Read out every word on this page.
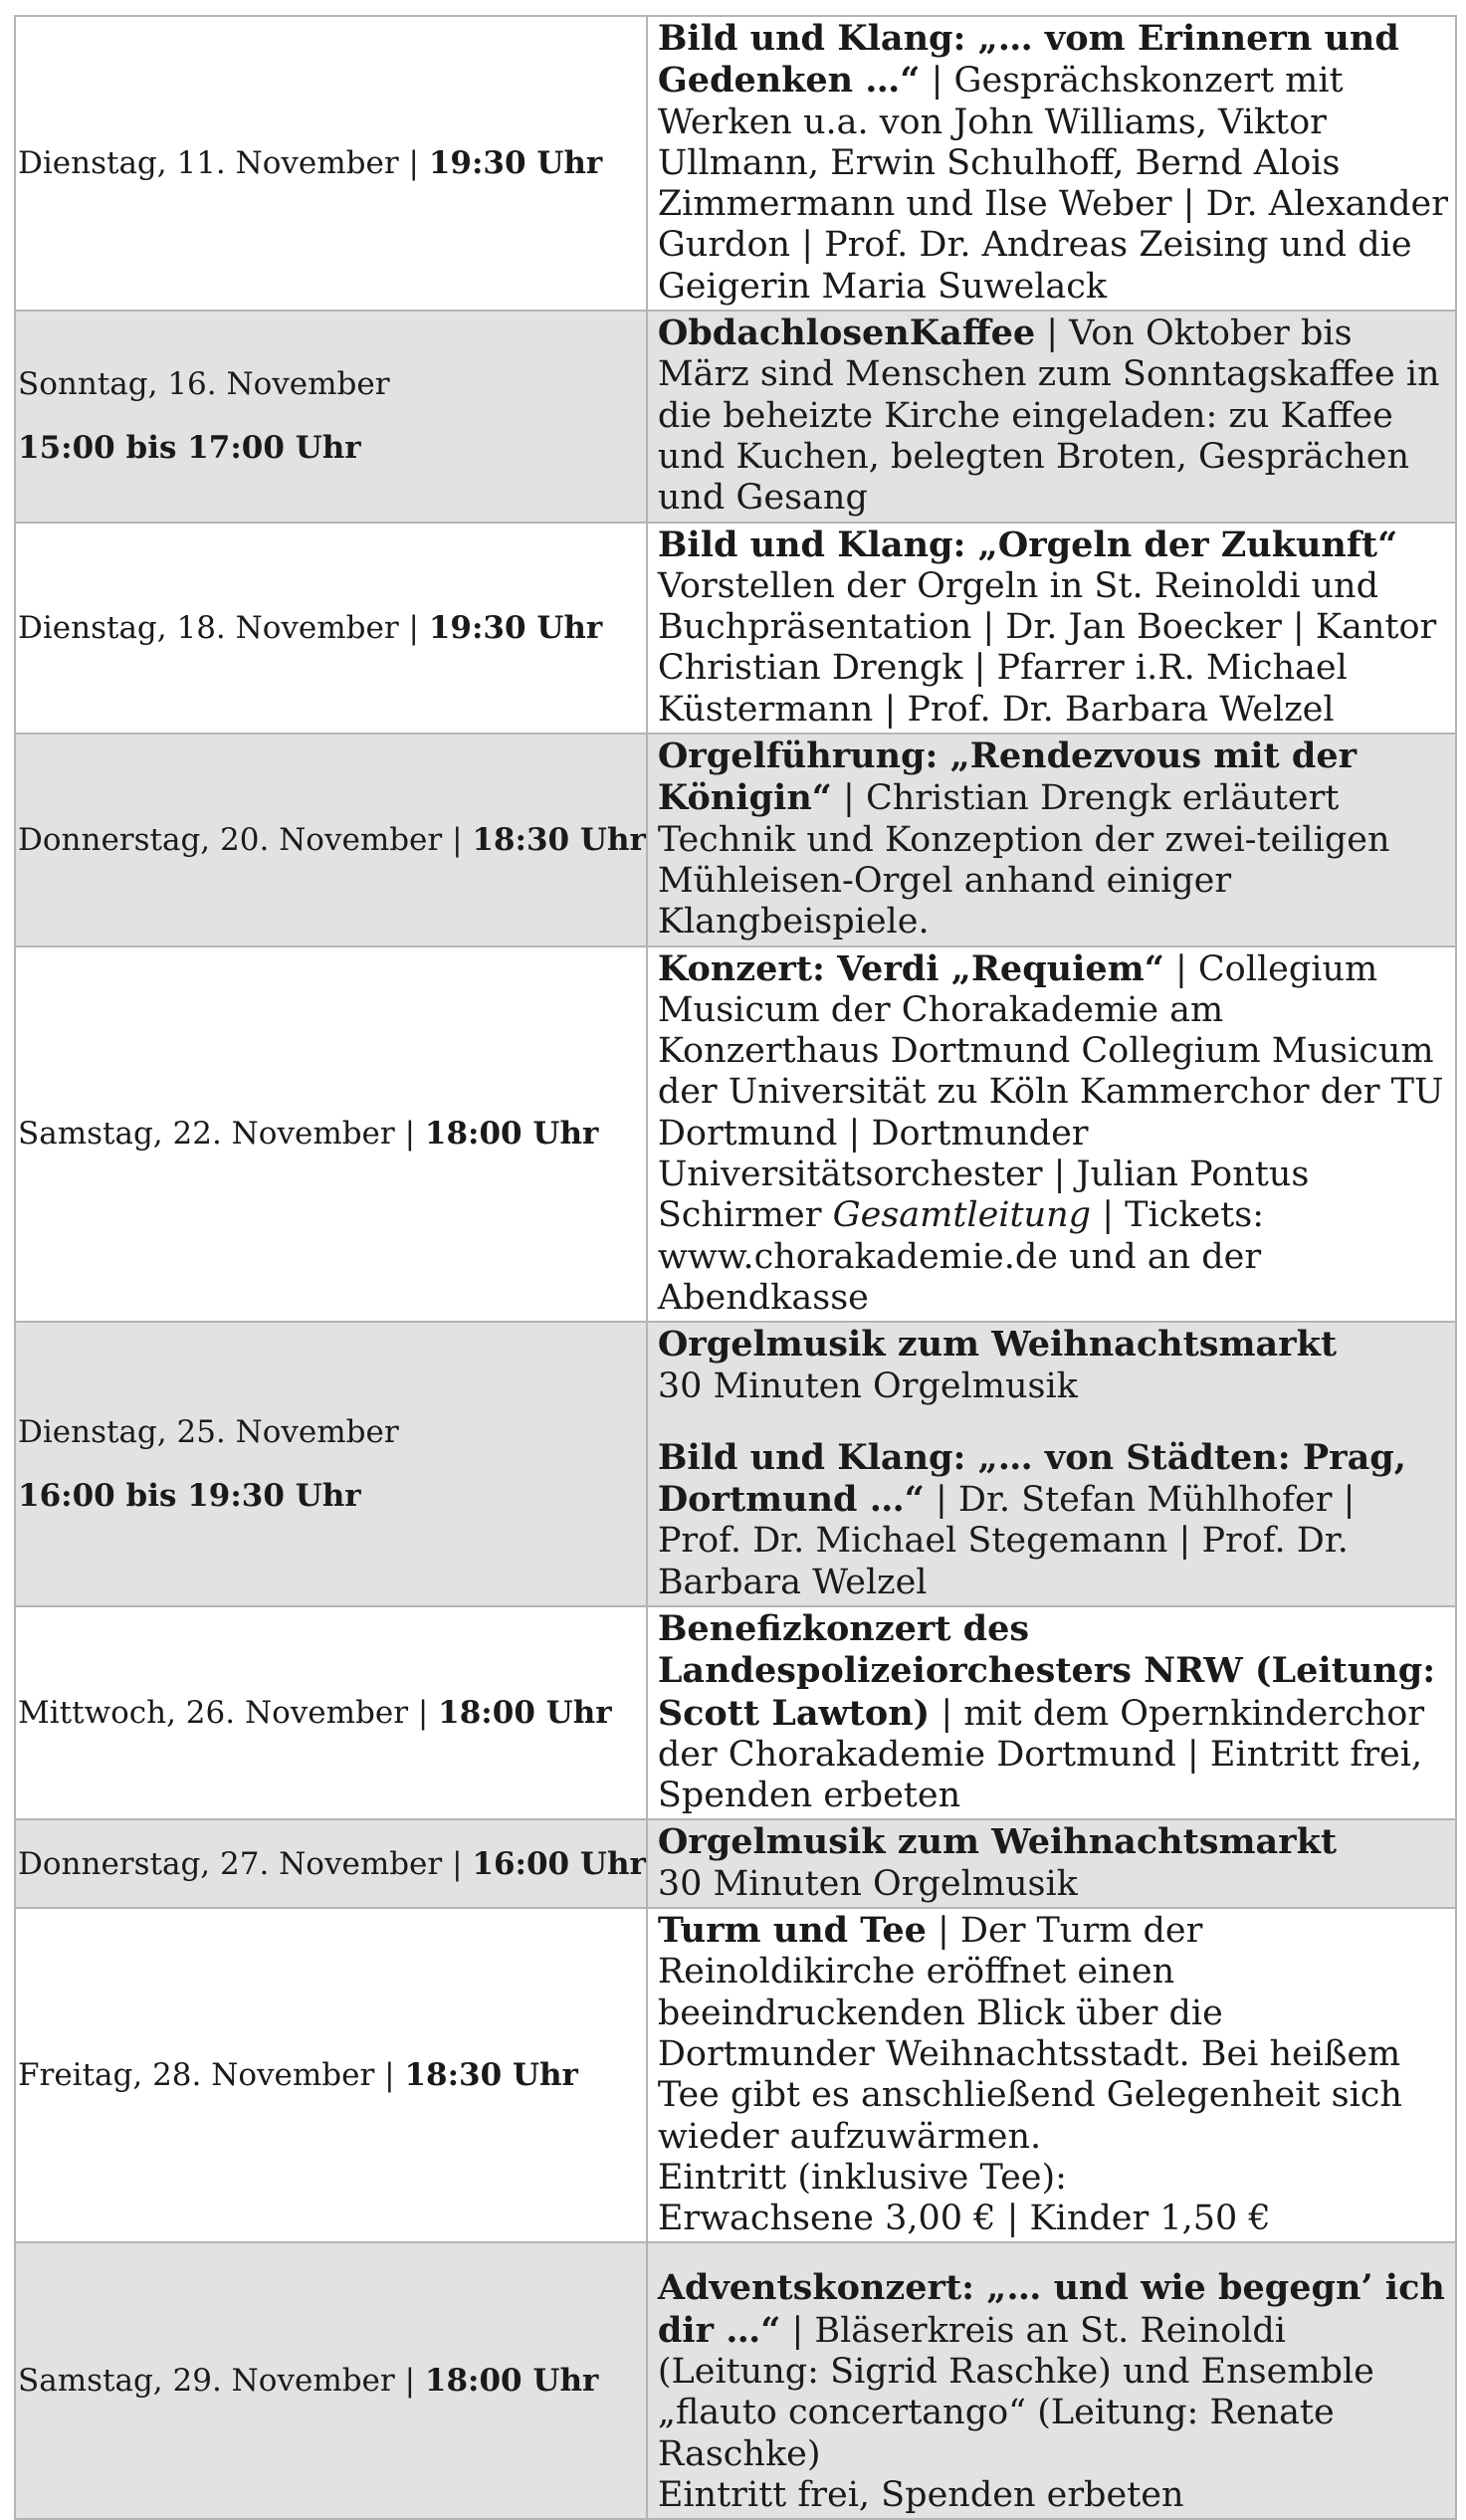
Dienstag, 11. November | 19:30 Uhr	Bild und Klang: „… vom Erinnern und Gedenken …“ | Gesprächskonzert mit Werken u.a. von John Williams, Viktor Ullmann, Erwin Schulhoff, Bernd Alois Zimmermann und Ilse Weber | Dr. Alexander Gurdon | Prof. Dr. Andreas Zeising und die Geigerin Maria Suwelack

Sonntag, 16. November
15:00 bis 17:00 Uhr	ObdachlosenKaffee | Von Oktober bis März sind Menschen zum Sonntagskaffee in die beheizte Kirche eingeladen: zu Kaffee und Kuchen, belegten Broten, Gesprächen und Gesang

Dienstag, 18. November | 19:30 Uhr	Bild und Klang: „Orgeln der Zukunft“
Vorstellen der Orgeln in St. Reinoldi und Buchpräsentation | Dr. Jan Boecker | Kantor Christian Drengk | Pfarrer i.R. Michael Küstermann | Prof. Dr. Barbara Welzel

Donnerstag, 20. November | 18:30 Uhr	Orgelführung: „Rendezvous mit der Königin“ | Christian Drengk erläutert Technik und Konzeption der zwei-teiligen Mühleisen-Orgel anhand einiger Klangbeispiele.

Samstag, 22. November | 18:00 Uhr	Konzert: Verdi „Requiem“ | Collegium Musicum der Chorakademie am Konzerthaus Dortmund Collegium Musicum der Universität zu Köln Kammerchor der TU Dortmund | Dortmunder Universitätsorchester | Julian Pontus Schirmer Gesamtleitung | Tickets: www.chorakademie.de und an der Abendkasse

Dienstag, 25. November
16:00 bis 19:30 Uhr	Orgelmusik zum Weihnachtsmarkt
30 Minuten Orgelmusik
Bild und Klang: „… von Städten: Prag, Dortmund …“ | Dr. Stefan Mühlhofer | Prof. Dr. Michael Stegemann | Prof. Dr. Barbara Welzel

Mittwoch, 26. November | 18:00 Uhr	Benefizkonzert des Landespolizeiorchesters NRW (Leitung: Scott Lawton) | mit dem Opernkinderchor der Chorakademie Dortmund | Eintritt frei, Spenden erbeten

Donnerstag, 27. November | 16:00 Uhr	Orgelmusik zum Weihnachtsmarkt
30 Minuten Orgelmusik

Freitag, 28. November | 18:30 Uhr	Turm und Tee | Der Turm der Reinoldikirche eröffnet einen beeindruckenden Blick über die Dortmunder Weihnachtsstadt. Bei heißem Tee gibt es anschließend Gelegenheit sich wieder aufzuwärmen.
Eintritt (inklusive Tee):
Erwachsene 3,00 € | Kinder 1,50 €

Samstag, 29. November | 18:00 Uhr	Adventskonzert: „… und wie begegn’ ich dir …“ | Bläserkreis an St. Reinoldi (Leitung: Sigrid Raschke) und Ensemble „flauto concertango“ (Leitung: Renate Raschke)
Eintritt frei, Spenden erbeten
